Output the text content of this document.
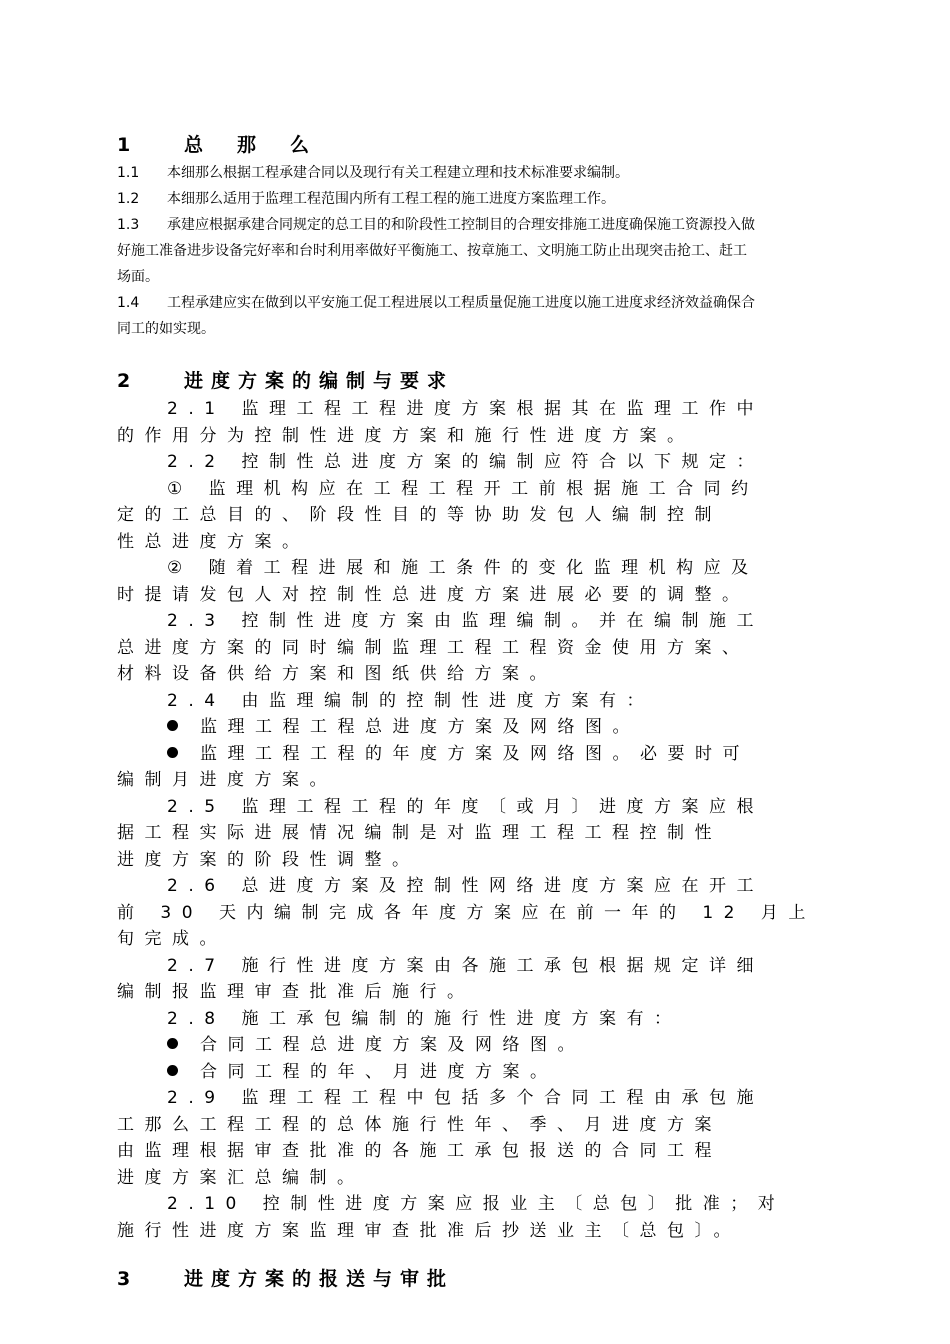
1	总那么
1.1 本细那么根据工程承建合同以及现行有关工程建立理和技术标准要求编制。
1.2 本细那么适用于监理工程范围内所有工程工程的施工进度方案监理工作。
1.3 承建应根据承建合同规定的总工目的和阶段性工控制目的合理安排施工进度确保施工资源投入做
好施工准备进步设备完好率和台时利用率做好平衡施工、按章施工、文明施工防止出现突击抢工、赶工
场面。
1.4 工程承建应实在做到以平安施工促工程进展以工程质量促施工进度以施工进度求经济效益确保合
同工的如实现。
2	进度方案的编制与要求
2.1 监理工程工程进度方案根据其在监理工作中
的作用分为控制性进度方案和施行性进度方案。
2.2 控制性总进度方案的编制应符合以下规定：
① 监理机构应在工程工程开工前根据施工合同约
定的工总目的、阶段性目的等协助发包人编制控制
性总进度方案。
② 随着工程进展和施工条件的变化监理机构应及
时提请发包人对控制性总进度方案进展必要的调整。
2.3 控制性进度方案由监理编制。并在编制施工
总进度方案的同时编制监理工程工程资金使用方案、
材料设备供给方案和图纸供给方案。
2.4 由监理编制的控制性进度方案有：
监理工程工程总进度方案及网络图。
监理工程工程的年度方案及网络图。必要时可
编制月进度方案。
2.5 监理工程工程的年度〔或月〕进度方案应根
据工程实际进展情况编制是对监理工程工程控制性
进度方案的阶段性调整。
2.6 总进度方案及控制性网络进度方案应在开工
前 30 天内编制完成各年度方案应在前一年的 12 月上
旬完成。
2.7 施行性进度方案由各施工承包根据规定详细
编制报监理审查批准后施行。
2.8 施工承包编制的施行性进度方案有：
合同工程总进度方案及网络图。
合同工程的年、月进度方案。
2.9 监理工程工程中包括多个合同工程由承包施
工那么工程工程的总体施行性年、季、月进度方案
由监理根据审查批准的各施工承包报送的合同工程
进度方案汇总编制。
2.10 控制性进度方案应报业主〔总包〕批准；对
施行性进度方案监理审查批准后抄送业主〔总包〕。
3	进度方案的报送与审批
